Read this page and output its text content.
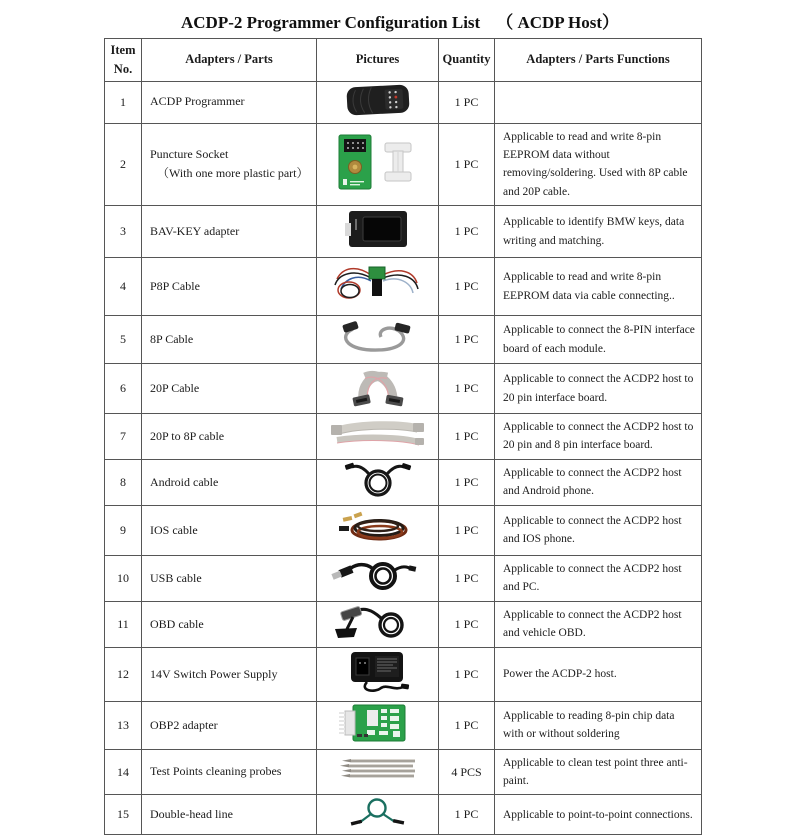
ACDP-2 Programmer Configuration List （ ACDP Host）
Item
No.	Adapters / Parts	Pictures	Quantity	Adapters / Parts Functions
1	ACDP Programmer		1 PC	
2	Puncture Socket
（With one more plastic part）		1 PC	Applicable to read and write 8-pin EEPROM data without removing/soldering. Used with 8P cable and 20P cable.
3	BAV-KEY adapter		1 PC	Applicable to identify BMW keys, data writing and matching.
4	P8P Cable		1 PC	Applicable to read and write 8-pin EEPROM data via cable connecting..
5	8P Cable		1 PC	Applicable to connect the 8-PIN interface board of each module.
6	20P Cable		1 PC	Applicable to connect the ACDP2 host to 20 pin interface board.
7	20P to 8P cable		1 PC	Applicable to connect the ACDP2 host to 20 pin and 8 pin interface board.
8	Android cable		1 PC	Applicable to connect the ACDP2 host and Android phone.
9	IOS cable		1 PC	Applicable to connect the ACDP2 host and IOS phone.
10	USB cable		1 PC	Applicable to connect the ACDP2 host and PC.
11	OBD cable		1 PC	Applicable to connect the ACDP2 host and vehicle OBD.
12	14V Switch Power Supply		1 PC	Power the ACDP-2 host.
13	OBP2 adapter		1 PC	Applicable to reading 8-pin chip data with or without soldering
14	Test Points cleaning probes		4 PCS	Applicable to clean test point three anti-paint.
15	Double-head line		1 PC	Applicable to point-to-point connections.
